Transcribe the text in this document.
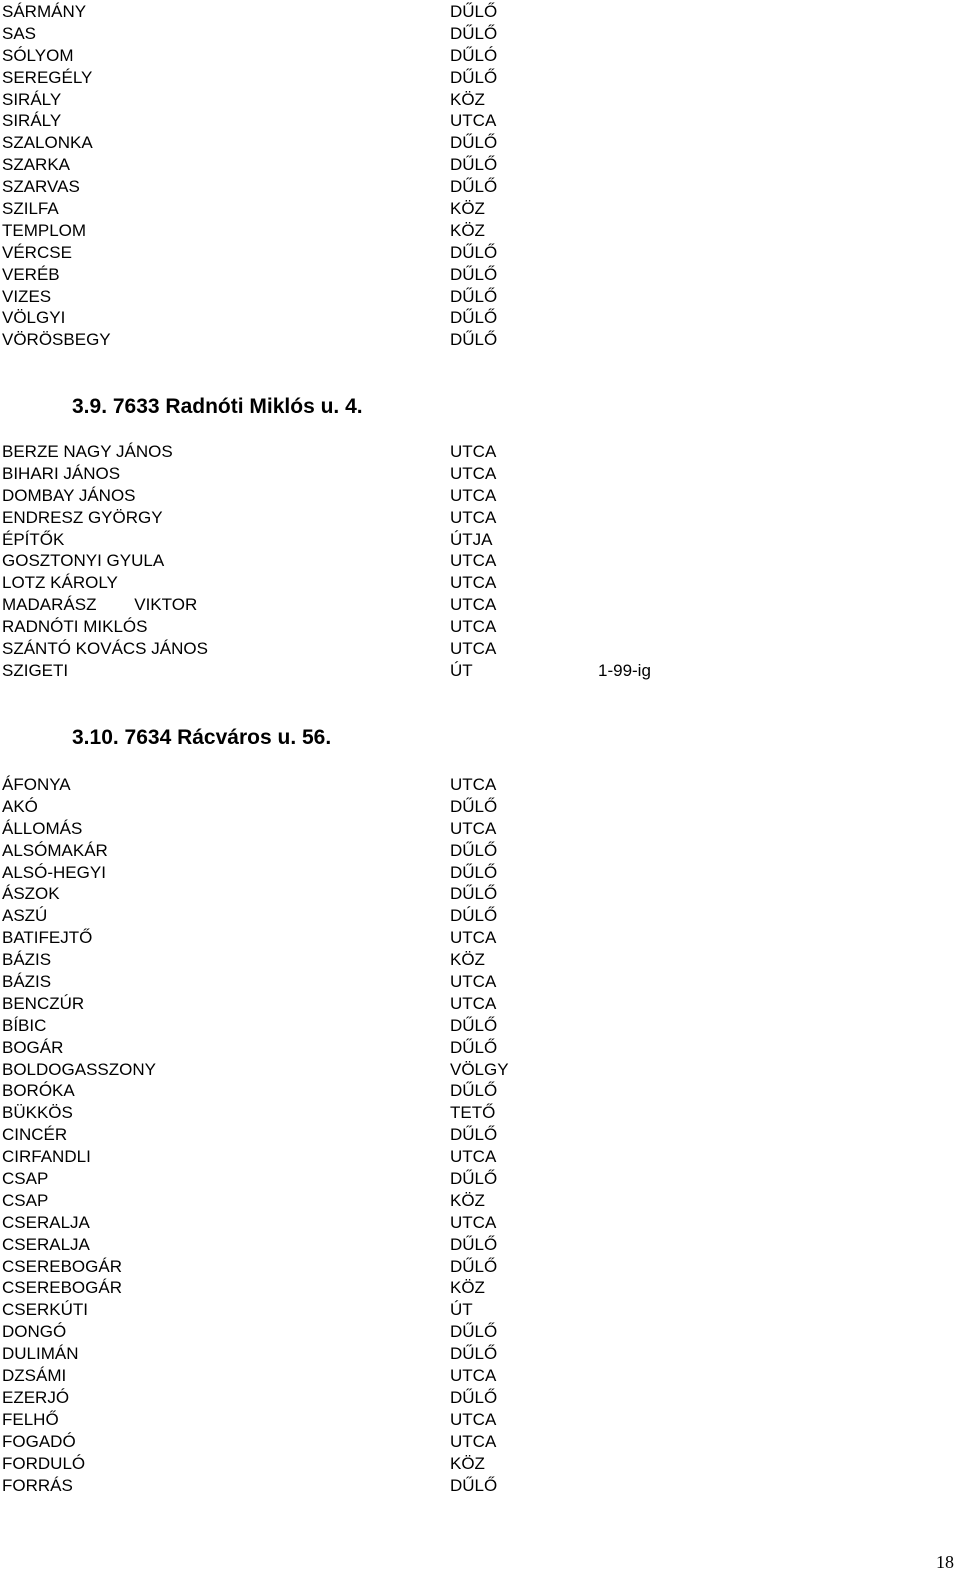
SÁRMÁNY	DŰLŐ
SAS	DŰLŐ
SÓLYOM	DŰLÓ
SEREGÉLY	DŰLŐ
SIRÁLY	KÖZ
SIRÁLY	UTCA
SZALONKA	DŰLŐ
SZARKA	DŰLŐ
SZARVAS	DŰLŐ
SZILFA	KÖZ
TEMPLOM	KÖZ
VÉRCSE	DŰLŐ
VERÉB	DŰLŐ
VIZES	DŰLŐ
VÖLGYI	DŰLŐ
VÖRÖSBEGY	DŰLŐ
3.9. 7633 Radnóti Miklós u. 4.
BERZE NAGY JÁNOS	UTCA
BIHARI JÁNOS	UTCA
DOMBAY JÁNOS	UTCA
ENDRESZ GYÖRGY	UTCA
ÉPÍTŐK	ÚTJA
GOSZTONYI GYULA	UTCA
LOTZ KÁROLY	UTCA
MADARÁSZ        VIKTOR	UTCA
RADNÓTI MIKLÓS	UTCA
SZÁNTÓ KOVÁCS JÁNOS	UTCA
SZIGETI	ÚT	1-99-ig
3.10. 7634 Rácváros u. 56.
ÁFONYA	UTCA
AKÓ	DŰLŐ
ÁLLOMÁS	UTCA
ALSÓMAKÁR	DŰLŐ
ALSÓ-HEGYI	DŰLŐ
ÁSZOK	DŰLŐ
ASZÚ	DÚLŐ
BATIFEJTŐ	UTCA
BÁZIS	KÖZ
BÁZIS	UTCA
BENCZÚR	UTCA
BÍBIC	DŰLŐ
BOGÁR	DŰLŐ
BOLDOGASSZONY	VÖLGY
BORÓKA	DŰLŐ
BÜKKÖS	TETŐ
CINCÉR	DŰLŐ
CIRFANDLI	UTCA
CSAP	DŰLŐ
CSAP	KÖZ
CSERALJA	UTCA
CSERALJA	DŰLŐ
CSEREBOGÁR	DŰLŐ
CSEREBOGÁR	KÖZ
CSERKÚTI	ÚT
DONGÓ	DŰLŐ
DULIMÁN	DŰLŐ
DZSÁMI	UTCA
EZERJÓ	DŰLŐ
FELHŐ	UTCA
FOGADÓ	UTCA
FORDULÓ	KÖZ
FORRÁS	DŰLŐ
18
